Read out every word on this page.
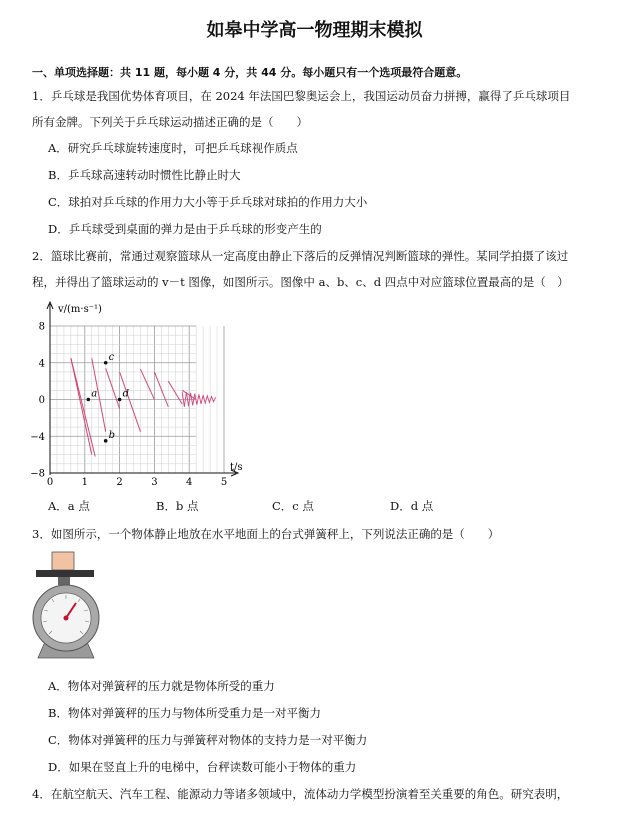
如皋中学高一物理期末模拟
一、单项选择题：共 11 题，每小题 4 分，共 44 分。每小题只有一个选项最符合题意。
1．乒乓球是我国优势体育项目，在 2024 年法国巴黎奥运会上，我国运动员奋力拼搏，赢得了乒乓球项目
所有金牌。下列关于乒乓球运动描述正确的是（　　）
A．研究乒乓球旋转速度时，可把乒乓球视作质点
B．乒乓球高速转动时惯性比静止时大
C．球拍对乒乓球的作用力大小等于乒乓球对球拍的作用力大小
D．乒乓球受到桌面的弹力是由于乒乓球的形变产生的
2．篮球比赛前，常通过观察篮球从一定高度由静止下落后的反弹情况判断篮球的弹性。某同学拍摄了该过
程，并得出了篮球运动的 v－t 图像，如图所示。图像中 a、b、c、d 四点中对应篮球位置最高的是（　）
0	1	2	3	4	5
8
4
0
−4
−8
a
b
c
d
v/(m·s⁻¹)
t/s
A．a 点	B．b 点	C．c 点	D．d 点
3．如图所示，一个物体静止地放在水平地面上的台式弹簧秤上，下列说法正确的是（　　）
A．物体对弹簧秤的压力就是物体所受的重力
B．物体对弹簧秤的压力与物体所受重力是一对平衡力
C．物体对弹簧秤的压力与弹簧秤对物体的支持力是一对平衡力
D．如果在竖直上升的电梯中，台秤读数可能小于物体的重力
4．在航空航天、汽车工程、能源动力等诸多领域中，流体动力学模型扮演着至关重要的角色。研究表明，
